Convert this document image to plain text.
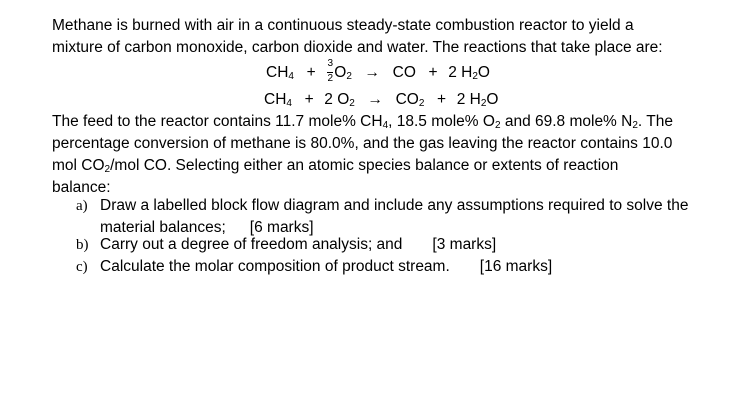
Methane is burned with air in a continuous steady-state combustion reactor to yield a
mixture of carbon monoxide, carbon dioxide and water. The reactions that take place are:
$CH_4 + \frac{3}{2} O_2$ → CO + 2 $H_2O$
$CH_4 + 2$ $O_2 \to CO_2 + 2$ $H_2O$
The feed to the reactor contains 11.7 mole% $CH_4$, 18.5 mole% $O_2$ and 69.8 mole% $N_2$. The
percentage conversion of methane is 80.0%, and the gas leaving the reactor contains 10.0
mol $CO_2$/mol CO. Selecting either an atomic species balance or extents of reaction
balance:
a) Draw a labelled block flow diagram and include any assumptions required to solve the
material balances; [6 marks]
b) Carry out a degree of freedom analysis; and [3 marks]
c) Calculate the molar composition of product stream. [16 marks]
